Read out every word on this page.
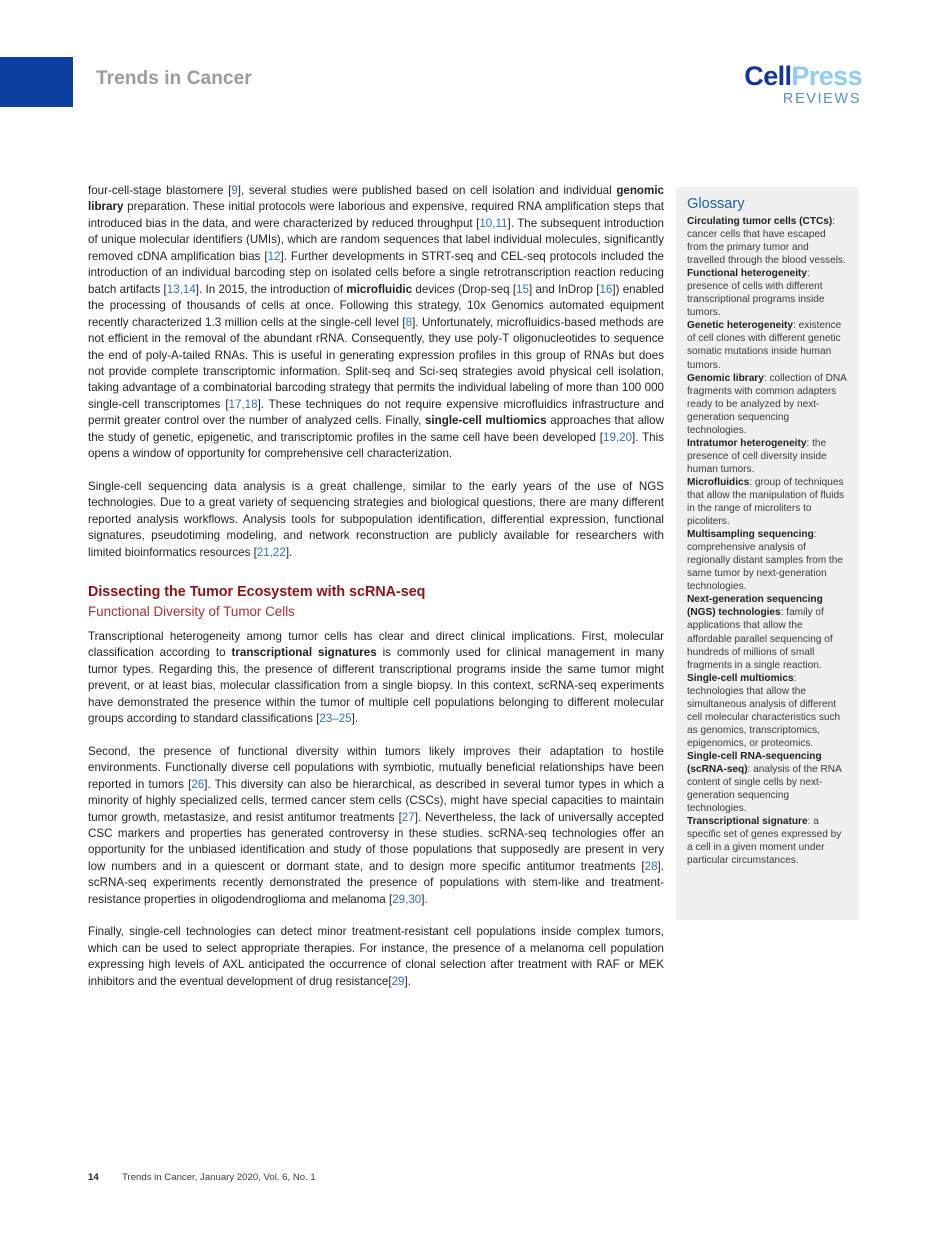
Trends in Cancer	CellPress
REVIEWS

four-cell-stage blastomere [9], several studies were published based on cell isolation and individual genomic library preparation. These initial protocols were laborious and expensive, required RNA amplification steps that introduced bias in the data, and were characterized by reduced throughput [10,11]. The subsequent introduction of unique molecular identifiers (UMIs), which are random sequences that label individual molecules, significantly removed cDNA amplification bias [12]. Further developments in STRT-seq and CEL-seq protocols included the introduction of an individual barcoding step on isolated cells before a single retrotranscription reaction reducing batch artifacts [13,14]. In 2015, the introduction of microfluidic devices (Drop-seq [15] and InDrop [16]) enabled the processing of thousands of cells at once. Following this strategy, 10x Genomics automated equipment recently characterized 1.3 million cells at the single-cell level [8]. Unfortunately, microfluidics-based methods are not efficient in the removal of the abundant rRNA. Consequently, they use poly-T oligonucleotides to sequence the end of poly-A-tailed RNAs. This is useful in generating expression profiles in this group of RNAs but does not provide complete transcriptomic information. Split-seq and Sci-seq strategies avoid physical cell isolation, taking advantage of a combinatorial barcoding strategy that permits the individual labeling of more than 100 000 single-cell transcriptomes [17,18]. These techniques do not require expensive microfluidics infrastructure and permit greater control over the number of analyzed cells. Finally, single-cell multiomics approaches that allow the study of genetic, epigenetic, and transcriptomic profiles in the same cell have been developed [19,20]. This opens a window of opportunity for comprehensive cell characterization.

Single-cell sequencing data analysis is a great challenge, similar to the early years of the use of NGS technologies. Due to a great variety of sequencing strategies and biological questions, there are many different reported analysis workflows. Analysis tools for subpopulation identification, differential expression, functional signatures, pseudotiming modeling, and network reconstruction are publicly available for researchers with limited bioinformatics resources [21,22].

Dissecting the Tumor Ecosystem with scRNA-seq
Functional Diversity of Tumor Cells

Transcriptional heterogeneity among tumor cells has clear and direct clinical implications. First, molecular classification according to transcriptional signatures is commonly used for clinical management in many tumor types. Regarding this, the presence of different transcriptional programs inside the same tumor might prevent, or at least bias, molecular classification from a single biopsy. In this context, scRNA-seq experiments have demonstrated the presence within the tumor of multiple cell populations belonging to different molecular groups according to standard classifications [23–25].

Second, the presence of functional diversity within tumors likely improves their adaptation to hostile environments. Functionally diverse cell populations with symbiotic, mutually beneficial relationships have been reported in tumors [26]. This diversity can also be hierarchical, as described in several tumor types in which a minority of highly specialized cells, termed cancer stem cells (CSCs), might have special capacities to maintain tumor growth, metastasize, and resist antitumor treatments [27]. Nevertheless, the lack of universally accepted CSC markers and properties has generated controversy in these studies. scRNA-seq technologies offer an opportunity for the unbiased identification and study of those populations that supposedly are present in very low numbers and in a quiescent or dormant state, and to design more specific antitumor treatments [28]. scRNA-seq experiments recently demonstrated the presence of populations with stem-like and treatment-resistance properties in oligodendroglioma and melanoma [29,30].

Finally, single-cell technologies can detect minor treatment-resistant cell populations inside complex tumors, which can be used to select appropriate therapies. For instance, the presence of a melanoma cell population expressing high levels of AXL anticipated the occurrence of clonal selection after treatment with RAF or MEK inhibitors and the eventual development of drug resistance[29].

Glossary

Circulating tumor cells (CTCs): cancer cells that have escaped from the primary tumor and travelled through the blood vessels.

Functional heterogeneity: presence of cells with different transcriptional programs inside tumors.

Genetic heterogeneity: existence of cell clones with different genetic somatic mutations inside human tumors.

Genomic library: collection of DNA fragments with common adapters ready to be analyzed by next-generation sequencing technologies.

Intratumor heterogeneity: the presence of cell diversity inside human tumors.

Microfluidics: group of techniques that allow the manipulation of fluids in the range of microliters to picoliters.

Multisampling sequencing: comprehensive analysis of regionally distant samples from the same tumor by next-generation technologies.

Next-generation sequencing (NGS) technologies: family of applications that allow the affordable parallel sequencing of hundreds of millions of small fragments in a single reaction.

Single-cell multiomics: technologies that allow the simultaneous analysis of different cell molecular characteristics such as genomics, transcriptomics, epigenomics, or proteomics.

Single-cell RNA-sequencing (scRNA-seq): analysis of the RNA content of single cells by next-generation sequencing technologies.

Transcriptional signature: a specific set of genes expressed by a cell in a given moment under particular circumstances.

14 Trends in Cancer, January 2020, Vol. 6, No. 1
